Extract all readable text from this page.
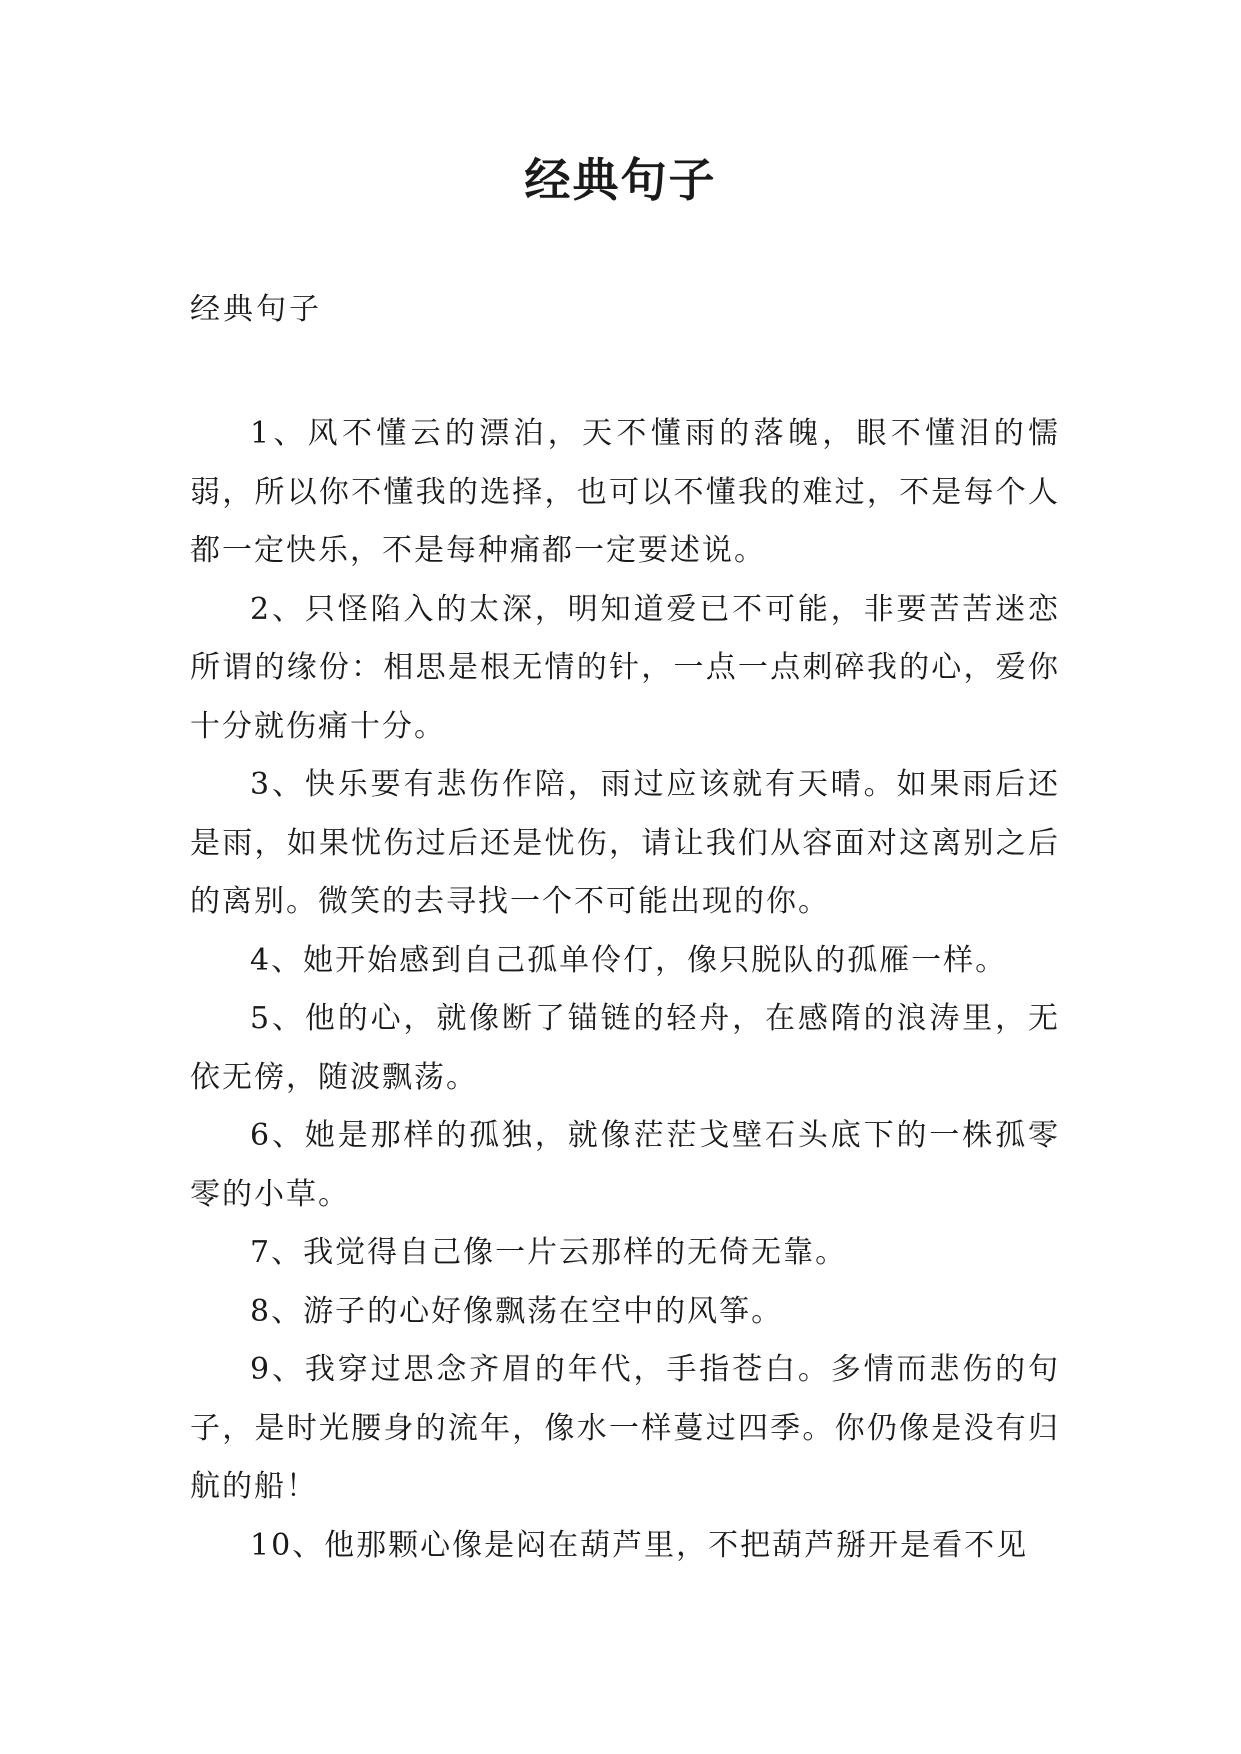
经典句子
经典句子

1、风不懂云的漂泊，天不懂雨的落魄，眼不懂泪的懦弱，所以你不懂我的选择，也可以不懂我的难过，不是每个人都一定快乐，不是每种痛都一定要述说。

2、只怪陷入的太深，明知道爱已不可能，非要苦苦迷恋所谓的缘份：相思是根无情的针，一点一点刺碎我的心，爱你十分就伤痛十分。

3、快乐要有悲伤作陪，雨过应该就有天晴。如果雨后还是雨，如果忧伤过后还是忧伤，请让我们从容面对这离别之后的离别。微笑的去寻找一个不可能出现的你。

4、她开始感到自己孤单伶仃，像只脱队的孤雁一样。

5、他的心，就像断了锚链的轻舟，在感隋的浪涛里，无依无傍，随波飘荡。

6、她是那样的孤独，就像茫茫戈壁石头底下的一株孤零零的小草。

7、我觉得自己像一片云那样的无倚无靠。

8、游子的心好像飘荡在空中的风筝。

9、我穿过思念齐眉的年代，手指苍白。多情而悲伤的句子，是时光腰身的流年，像水一样蔓过四季。你仍像是没有归航的船！

10、他那颗心像是闷在葫芦里，不把葫芦掰开是看不见
